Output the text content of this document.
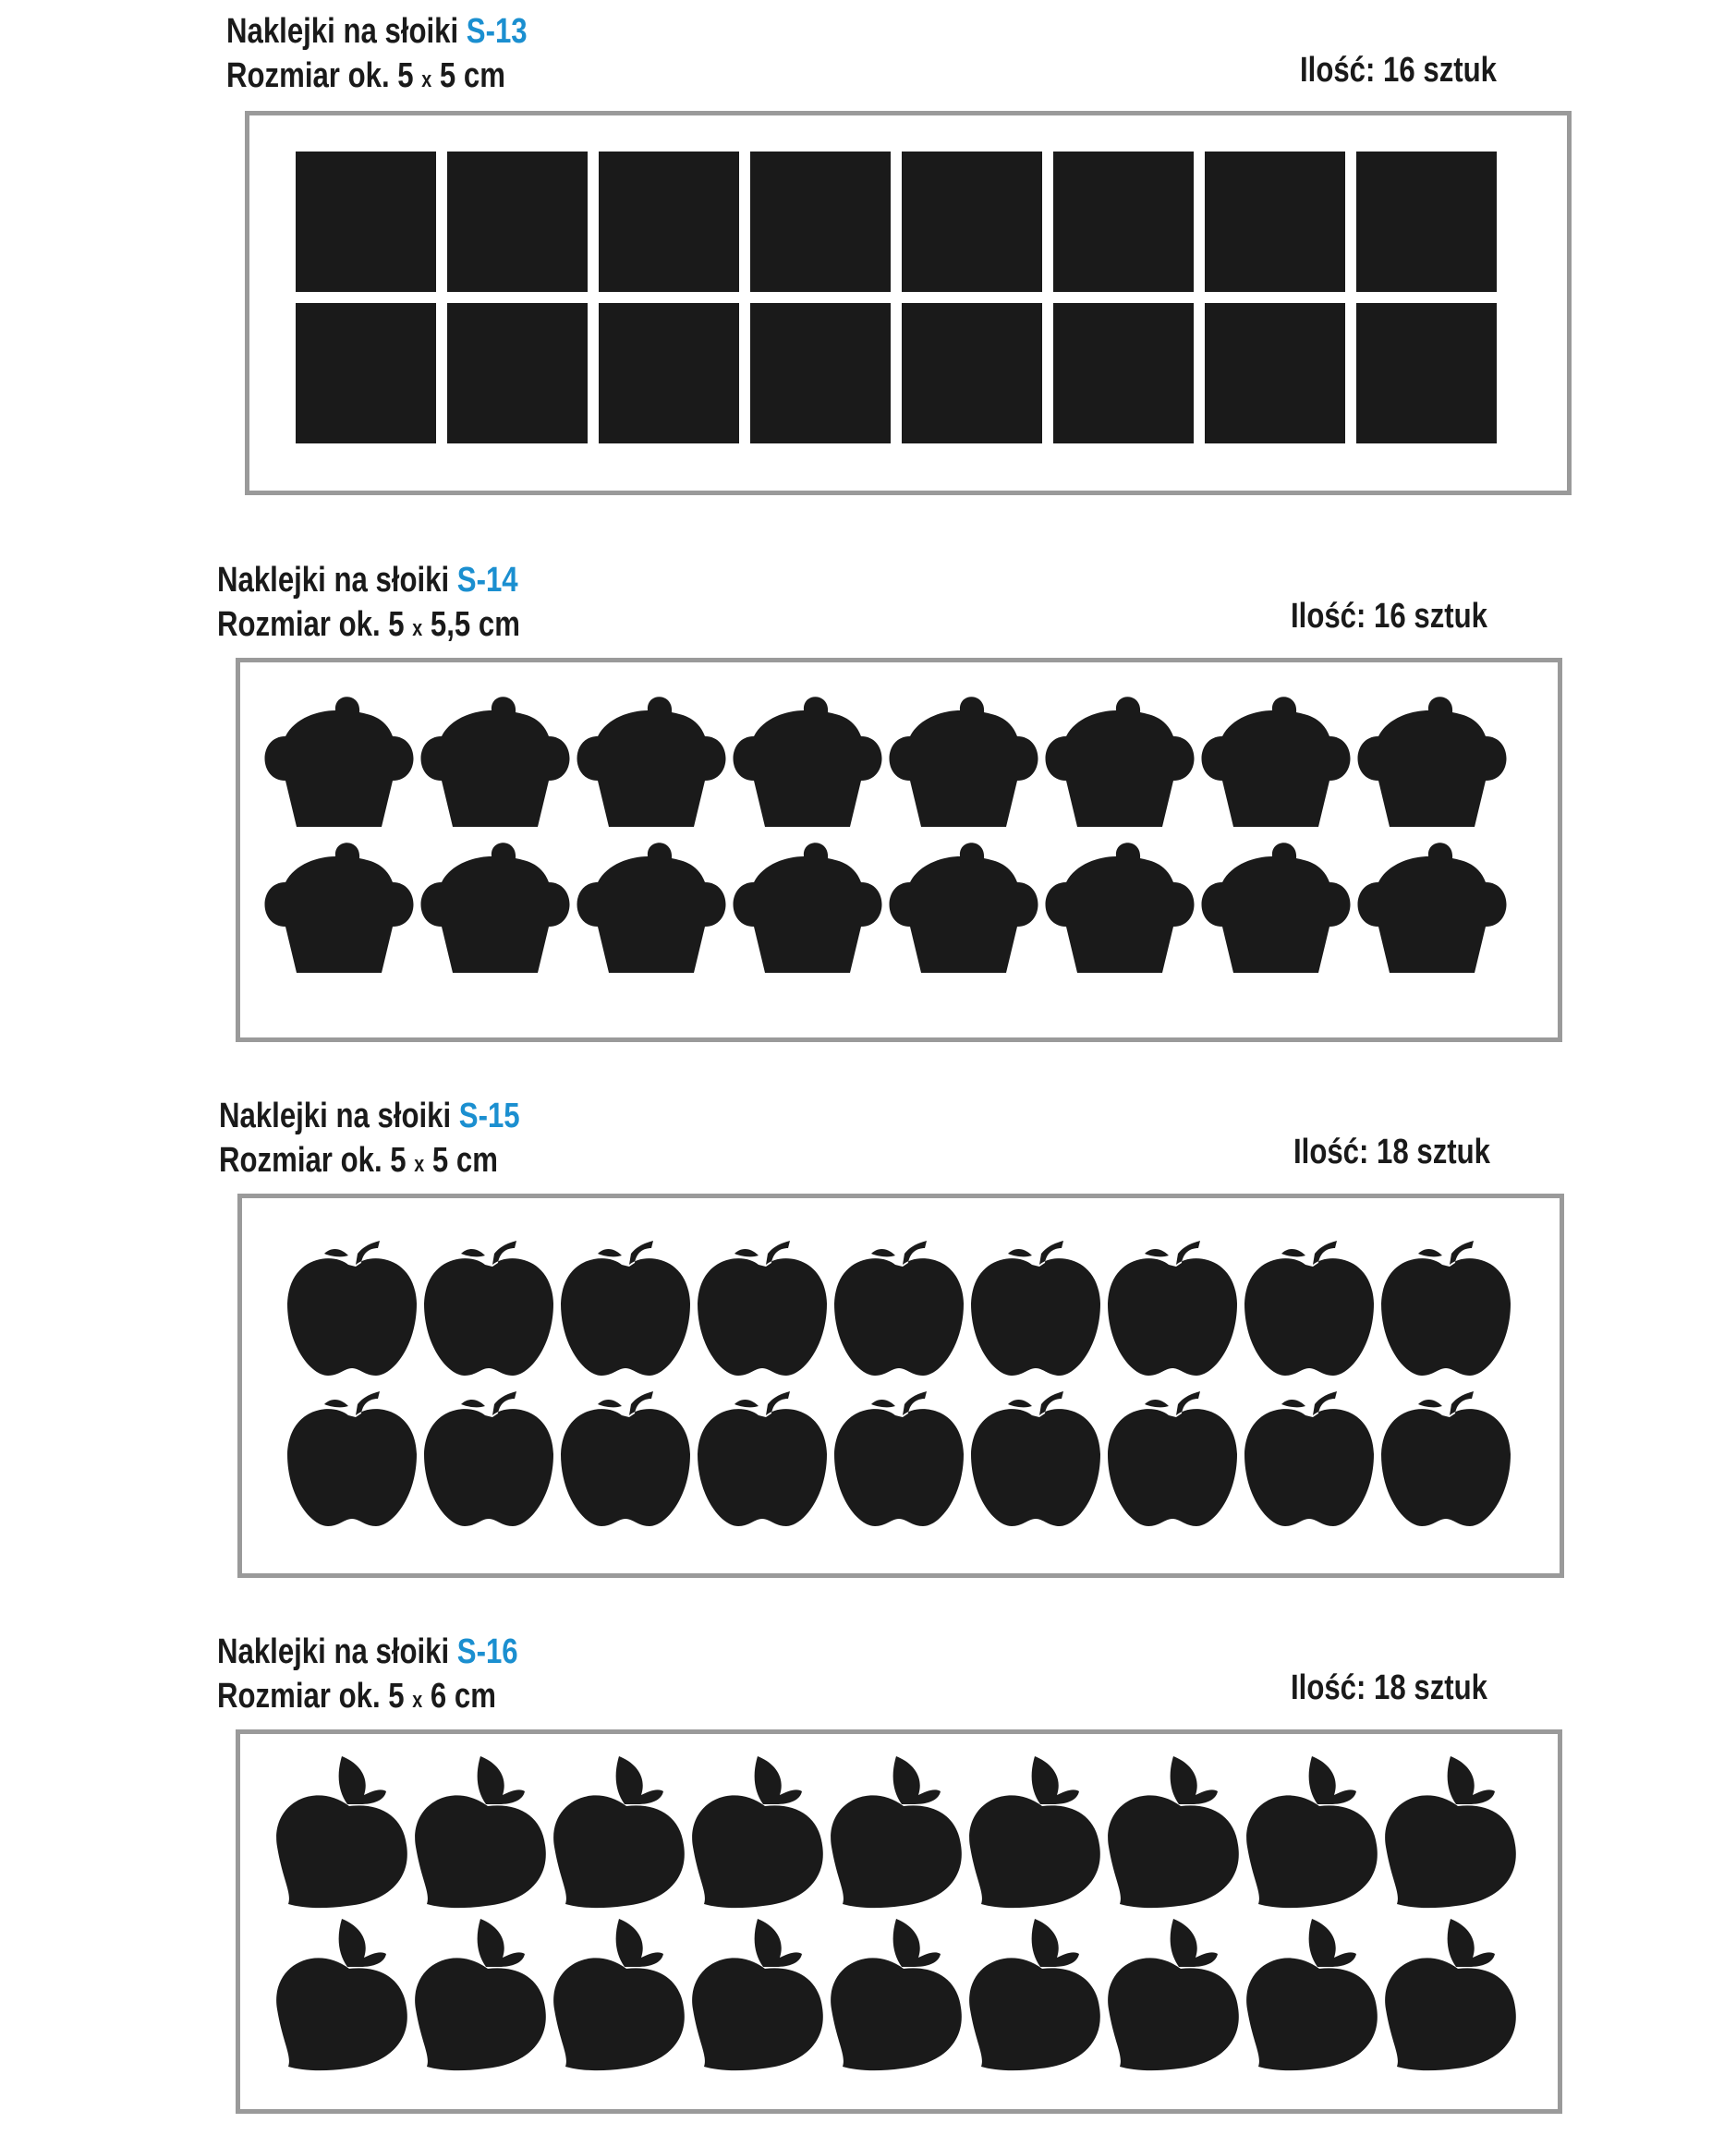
Naklejki na słoiki S-13

Rozmiar ok. 5 x 5 cm	Ilość: 16 sztuk

Naklejki na słoiki S-14

Rozmiar ok. 5 x 5,5 cm	Ilość: 16 sztuk

Naklejki na słoiki S-15

Rozmiar ok. 5 x 5 cm	Ilość: 18 sztuk

Naklejki na słoiki S-16

Rozmiar ok. 5 x 6 cm	Ilość: 18 sztuk
